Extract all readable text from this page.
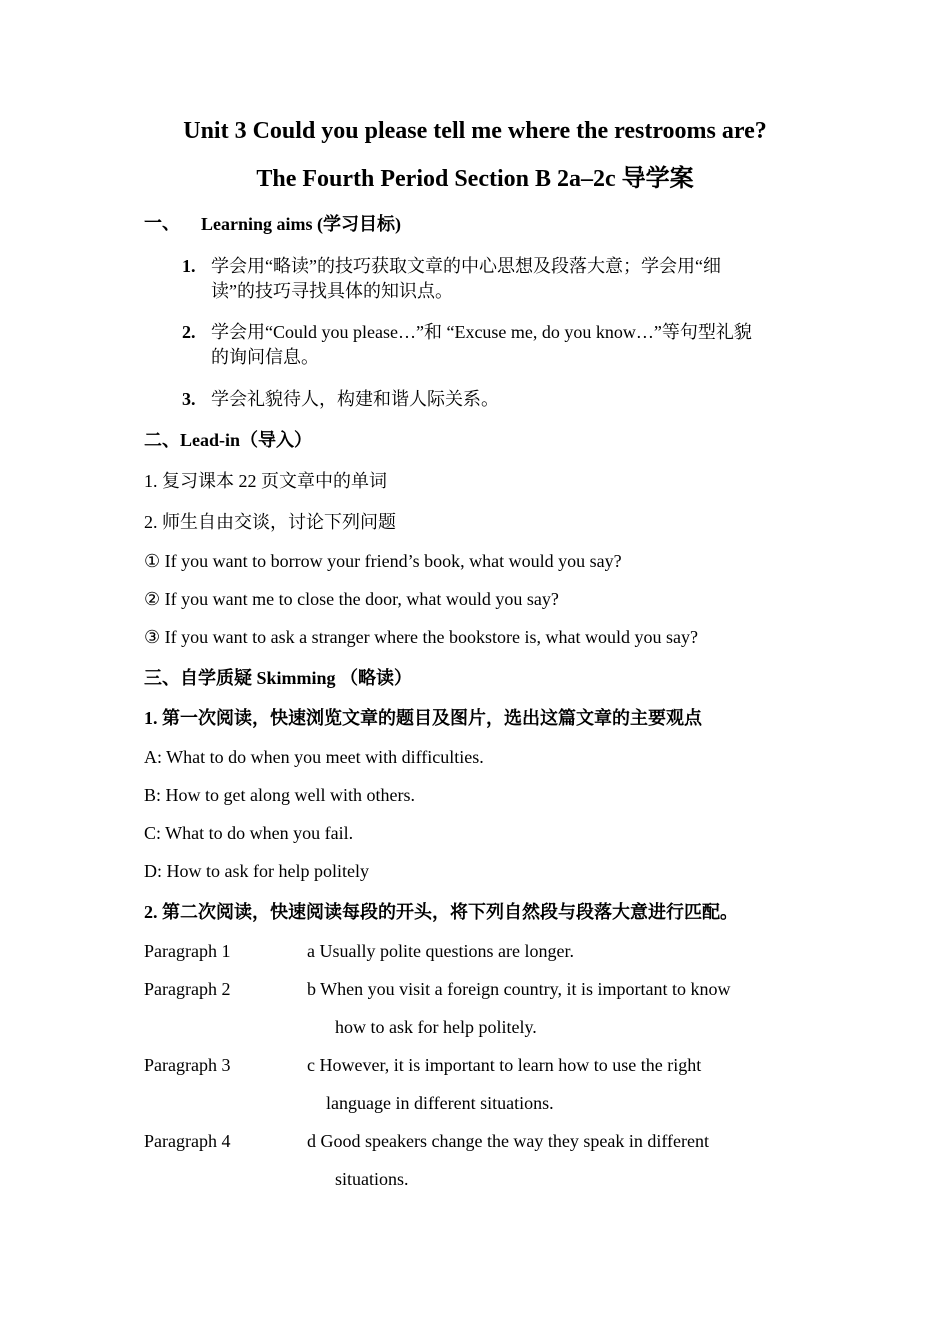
Unit 3 Could you please tell me where the restrooms are?
The Fourth Period Section B 2a–2c 导学案
一、 Learning aims (学习目标)
1. 学会用“略读”的技巧获取文章的中心思想及段落大意；学会用“细
读”的技巧寻找具体的知识点。
2. 学会用“Could you please…”和 “Excuse me, do you know…”等句型礼貌
的询问信息。
3. 学会礼貌待人，构建和谐人际关系。
二、Lead-in（导入）
1. 复习课本 22 页文章中的单词
2. 师生自由交谈，讨论下列问题
① If you want to borrow your friend’s book, what would you say?
② If you want me to close the door, what would you say?
③ If you want to ask a stranger where the bookstore is, what would you say?
三、自学质疑 Skimming （略读）
1. 第一次阅读，快速浏览文章的题目及图片，选出这篇文章的主要观点
A: What to do when you meet with difficulties.
B: How to get along well with others.
C: What to do when you fail.
D: How to ask for help politely
2. 第二次阅读，快速阅读每段的开头，将下列自然段与段落大意进行匹配。
Paragraph 1	a Usually polite questions are longer.
Paragraph 2	b When you visit a foreign country, it is important to know
how to ask for help politely.
Paragraph 3	c However, it is important to learn how to use the right
language in different situations.
Paragraph 4	d Good speakers change the way they speak in different
situations.
